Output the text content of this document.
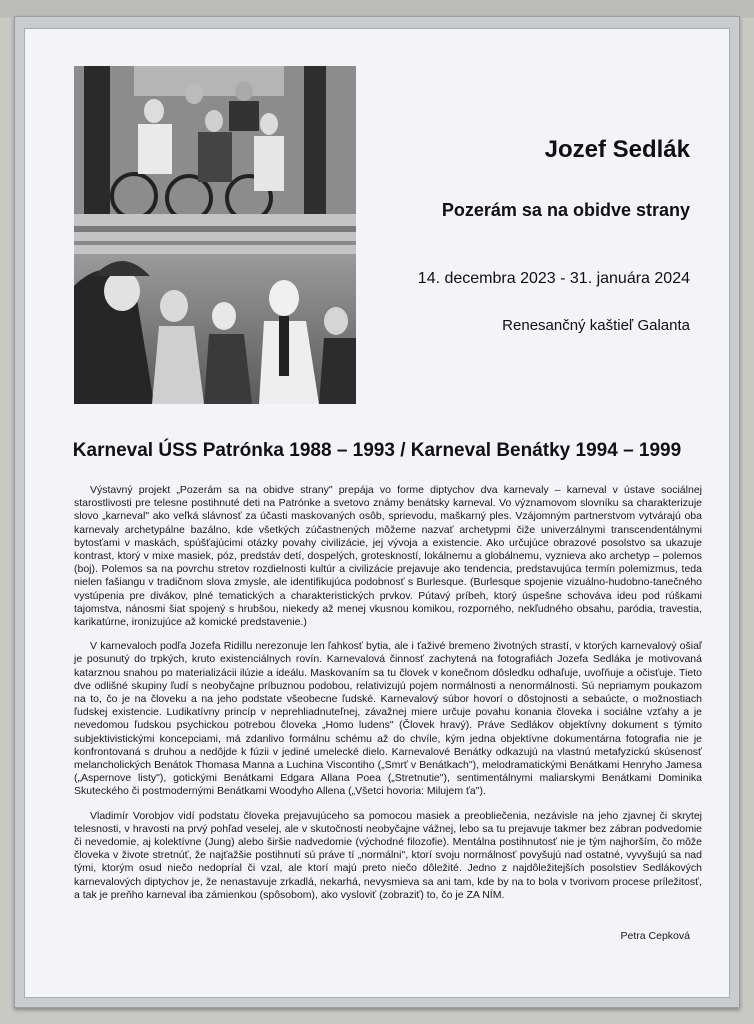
Jozef Sedlák
Pozerám sa na obidve strany

14. decembra 2023 - 31. januára 2024

Renesančný kaštieľ Galanta

Karneval ÚSS Patrónka 1988 – 1993 / Karneval Benátky 1994 – 1999

Výstavný projekt „Pozerám sa na obidve strany" prepája vo forme diptychov dva karnevaly – karneval v ústave sociálnej starostlivosti pre telesne postihnuté deti na Patrónke a svetovo známy benátsky karneval. Vo významovom slovníku sa charakterizuje slovo „karneval" ako veľká slávnosť za účasti maskovaných osôb, sprievodu, maškarný ples. Vzájomným partnerstvom vytvárajú oba karnevaly archetypálne bazálno, kde všetkých zúčastnených môžeme nazvať archetypmi čiže univerzálnymi transcendentálnymi bytosťami v maskách, spúšťajúcimi otázky povahy civilizácie, jej vývoja a existencie. Ako určujúce obrazové posolstvo sa ukazuje kontrast, ktorý v mixe masiek, póz, predstáv detí, dospelých, groteskností, lokálnemu a globálnemu, vyznieva ako archetyp – polemos (boj). Polemos sa na povrchu stretov rozdielnosti kultúr a civilizácie prejavuje ako tendencia, predstavujúca termín polemizmus, teda nielen fašiangu v tradičnom slova zmysle, ale identifikujúca podobnosť s Burlesque. (Burlesque spojenie vizuálno-hudobno-tanečného vystúpenia pre divákov, plné tematických a charakteristických prvkov. Pútavý príbeh, ktorý úspešne schováva ideu pod rúškami tajomstva, nánosmi šiat spojený s hrubšou, niekedy až menej vkusnou komikou, rozporného, nekľudného obsahu, paródia, travestia, karikatúrne, ironizujúce až komické predstavenie.)

V karnevaloch podľa Jozefa Ridillu nerezonuje len ľahkosť bytia, ale i ťaživé bremeno životných strastí, v ktorých karnevalový ošiaľ je posunutý do trpkých, kruto existenciálnych rovín. Karnevalová činnosť zachytená na fotografiách Jozefa Sedláka je motivovaná katarznou snahou po materializácii ilúzie a ideálu. Maskovaním sa tu človek v konečnom dôsledku odhaľuje, uvoľňuje a očisťuje. Tieto dve odlišné skupiny ľudí s neobyčajne príbuznou podobou, relativizujú pojem normálnosti a nenormálnosti. Sú nepriamym poukazom na to, čo je na človeku a na jeho podstate všeobecne ľudské. Karnevalový súbor hovorí o dôstojnosti a sebaúcte, o možnostiach ľudskej existencie. Ludikatívny princíp v neprehliadnuteľnej, závažnej miere určuje povahu konania človeka i sociálne vzťahy a je nevedomou ľudskou psychickou potrebou človeka „Homo ludens" (Človek hravý). Práve Sedlákov objektívny dokument s týmito subjektivistickými koncepciami, má zdanlivo formálnu schému až do chvíle, kým jedna objektívne dokumentárna fotografia nie je konfrontovaná s druhou a nedôjde k fúzii v jediné umelecké dielo. Karnevalové Benátky odkazujú na vlastnú metafyzickú skúsenosť melancholických Benátok Thomasa Manna a Luchina Viscontiho („Smrť v Benátkach"), melodramatickými Benátkami Henryho Jamesa („Aspernove listy"), gotickými Benátkami Edgara Allana Poea („Stretnutie"), sentimentálnymi maliarskymi Benátkami Dominika Skuteckého či postmodernými Benátkami Woodyho Allena („Všetci hovoria: Milujem ťa").

Vladimír Vorobjov vidí podstatu človeka prejavujúceho sa pomocou masiek a preobliečenia, nezávisle na jeho zjavnej či skrytej telesnosti, v hravosti na prvý pohľad veselej, ale v skutočnosti neobyčajne vážnej, lebo sa tu prejavuje takmer bez zábran podvedomie či nevedomie, aj kolektívne (Jung) alebo širšie nadvedomie (východné filozofie). Mentálna postihnutosť nie je tým najhorším, čo môže človeka v živote stretnúť, že najťažšie postihnutí sú práve tí „normálni", ktorí svoju normálnosť povyšujú nad ostatné, vyvyšujú sa nad tými, ktorým osud niečo nedopríal či vzal, ale ktorí majú preto niečo dôležité. Jedno z najdôležitejších posolstiev Sedlákových karnevalových diptychov je, že nenastavuje zrkadlá, nekarhá, nevysmieva sa ani tam, kde by na to bola v tvorivom procese príležitosť, a tak je preňho karneval iba zámienkou (spôsobom), ako vysloviť (zobraziť) to, čo je ZA NÍM.

Petra Cepková
